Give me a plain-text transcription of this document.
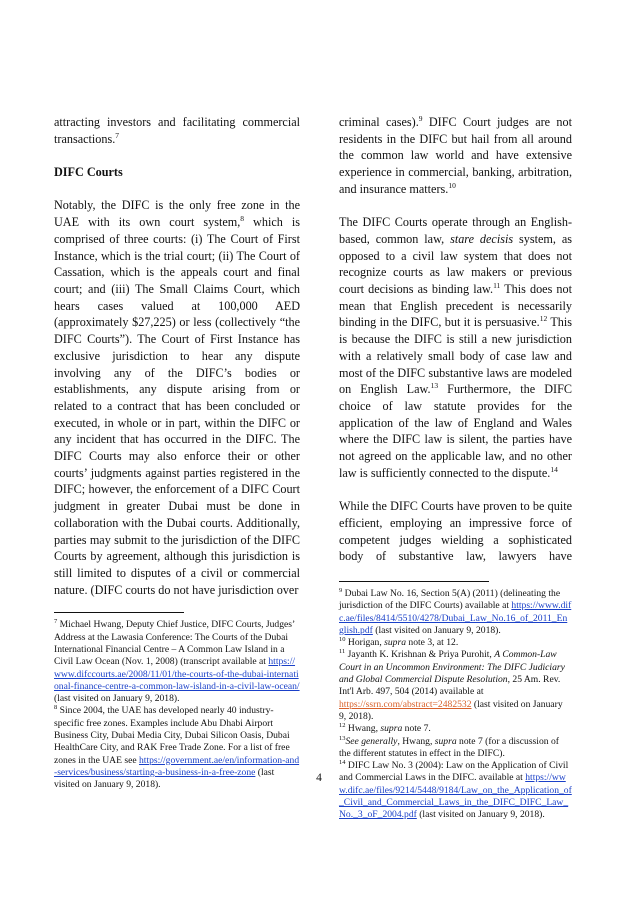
attracting investors and facilitating commercial transactions.$^7$

DIFC Courts

Notably, the DIFC is the only free zone in the UAE with its own court system,$^8$ which is comprised of three courts: (i) The Court of First Instance, which is the trial court; (ii) The Court of Cassation, which is the appeals court and final court; and (iii) The Small Claims Court, which hears cases valued at 100,000 AED (approximately $27,225) or less (collectively “the DIFC Courts”). The Court of First Instance has exclusive jurisdiction to hear any dispute involving any of the DIFC’s bodies or establishments, any dispute arising from or related to a contract that has been concluded or executed, in whole or in part, within the DIFC or any incident that has occurred in the DIFC. The DIFC Courts may also enforce their or other courts’ judgments against parties registered in the DIFC; however, the enforcement of a DIFC Court judgment in greater Dubai must be done in collaboration with the Dubai courts. Additionally, parties may submit to the jurisdiction of the DIFC Courts by agreement, although this jurisdiction is still limited to disputes of a civil or commercial nature. (DIFC courts do not have jurisdiction over

$^7$ Michael Hwang, Deputy Chief Justice, DIFC Courts, Judges’ Address at the Lawasia Conference: The Courts of the Dubai International Financial Centre – A Common Law Island in a Civil Law Ocean (Nov. 1, 2008) (transcript available at https://www.difccourts.ae/2008/11/01/the-courts-of-the-dubai-international-finance-centre-a-common-law-island-in-a-civil-law-ocean/ (last visited on January 9, 2018).

$^8$ Since 2004, the UAE has developed nearly 40 industry-specific free zones. Examples include Abu Dhabi Airport Business City, Dubai Media City, Dubai Silicon Oasis, Dubai HealthCare City, and RAK Free Trade Zone. For a list of free zones in the UAE see https://government.ae/en/information-and-services/business/starting-a-business-in-a-free-zone (last visited on January 9, 2018).

criminal cases).$^9$ DIFC Court judges are not residents in the DIFC but hail from all around the common law world and have extensive experience in commercial, banking, arbitration, and insurance matters.$^{10}$

The DIFC Courts operate through an English-based, common law, stare decisis system, as opposed to a civil law system that does not recognize courts as law makers or previous court decisions as binding law.$^{11}$ This does not mean that English precedent is necessarily binding in the DIFC, but it is persuasive.$^{12}$ This is because the DIFC is still a new jurisdiction with a relatively small body of case law and most of the DIFC substantive laws are modeled on English Law.$^{13}$ Furthermore, the DIFC choice of law statute provides for the application of the law of England and Wales where the DIFC law is silent, the parties have not agreed on the applicable law, and no other law is sufficiently connected to the dispute.$^{14}$

While the DIFC Courts have proven to be quite efficient, employing an impressive force of competent judges wielding a sophisticated body of substantive law, lawyers have

$^9$ Dubai Law No. 16, Section 5(A) (2011) (delineating the jurisdiction of the DIFC Courts) available at https://www.difc.ae/files/8414/5510/4278/Dubai_Law_No.16_of_2011_English.pdf (last visited on January 9, 2018).

$^{10}$ Horigan, supra note 3, at 12.

$^{11}$ Jayanth K. Krishnan & Priya Purohit, A Common-Law Court in an Uncommon Environment: The DIFC Judiciary and Global Commercial Dispute Resolution, 25 Am. Rev. Int'l Arb. 497, 504 (2014) available at https://ssrn.com/abstract=2482532 (last visited on January 9, 2018).

$^{12}$ Hwang, supra note 7.

$^{13}$See generally, Hwang, supra note 7 (for a discussion of the different statutes in effect in the DIFC).

$^{14}$ DIFC Law No. 3 (2004): Law on the Application of Civil and Commercial Laws in the DIFC. available at https://www.difc.ae/files/9214/5448/9184/Law_on_the_Application_of_Civil_and_Commercial_Laws_in_the_DIFC_DIFC_Law_No._3_oF_2004.pdf (last visited on January 9, 2018).

4
